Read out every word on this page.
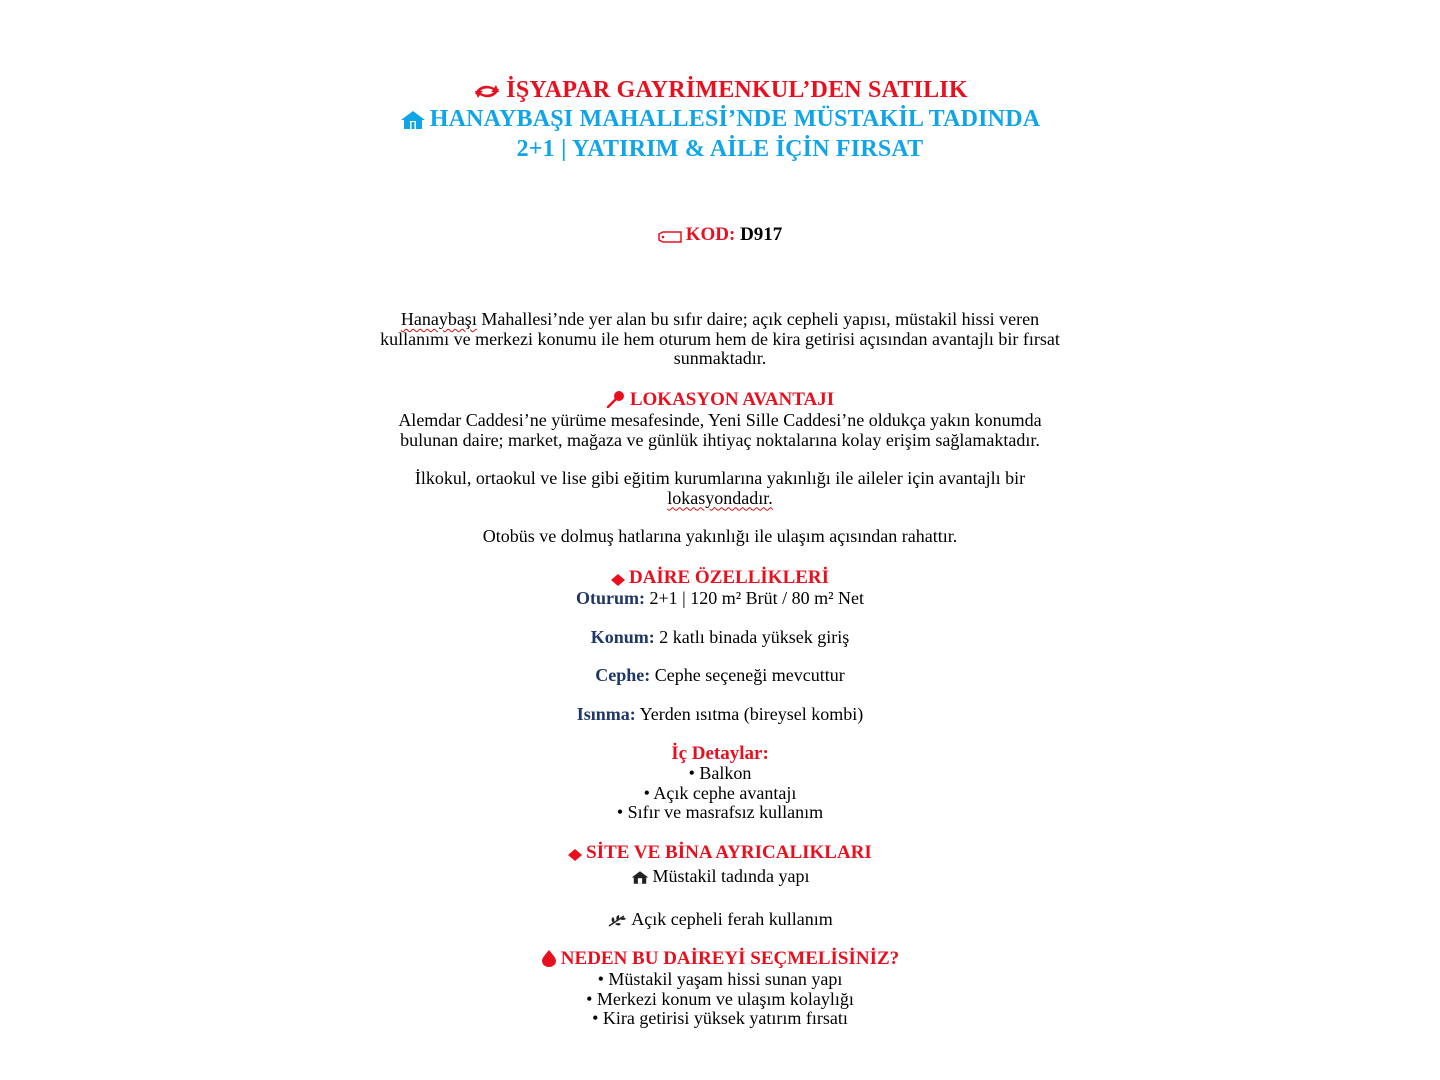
İŞYAPAR GAYRİMENKUL’DEN SATILIK
HANAYBAŞI MAHALLESİ’NDE MÜSTAKİL TADINDA
2+1 | YATIRIM & AİLE İÇİN FIRSAT
KOD: D917
Hanaybaşı Mahallesi’nde yer alan bu sıfır daire; açık cepheli yapısı, müstakil hissi veren
kullanımı ve merkezi konumu ile hem oturum hem de kira getirisi açısından avantajlı bir fırsat
sunmaktadır.
LOKASYON AVANTAJI
Alemdar Caddesi’ne yürüme mesafesinde, Yeni Sille Caddesi’ne oldukça yakın konumda
bulunan daire; market, mağaza ve günlük ihtiyaç noktalarına kolay erişim sağlamaktadır.
İlkokul, ortaokul ve lise gibi eğitim kurumlarına yakınlığı ile aileler için avantajlı bir
lokasyondadır.
Otobüs ve dolmuş hatlarına yakınlığı ile ulaşım açısından rahattır.
DAİRE ÖZELLİKLERİ
Oturum: 2+1 | 120 m² Brüt / 80 m² Net
Konum: 2 katlı binada yüksek giriş
Cephe: Cephe seçeneği mevcuttur
Isınma: Yerden ısıtma (bireysel kombi)
İç Detaylar:
• Balkon
• Açık cephe avantajı
• Sıfır ve masrafsız kullanım
SİTE VE BİNA AYRICALIKLARI
Müstakil tadında yapı
Açık cepheli ferah kullanım
NEDEN BU DAİREYİ SEÇMELİSİNİZ?
• Müstakil yaşam hissi sunan yapı
• Merkezi konum ve ulaşım kolaylığı
• Kira getirisi yüksek yatırım fırsatı
